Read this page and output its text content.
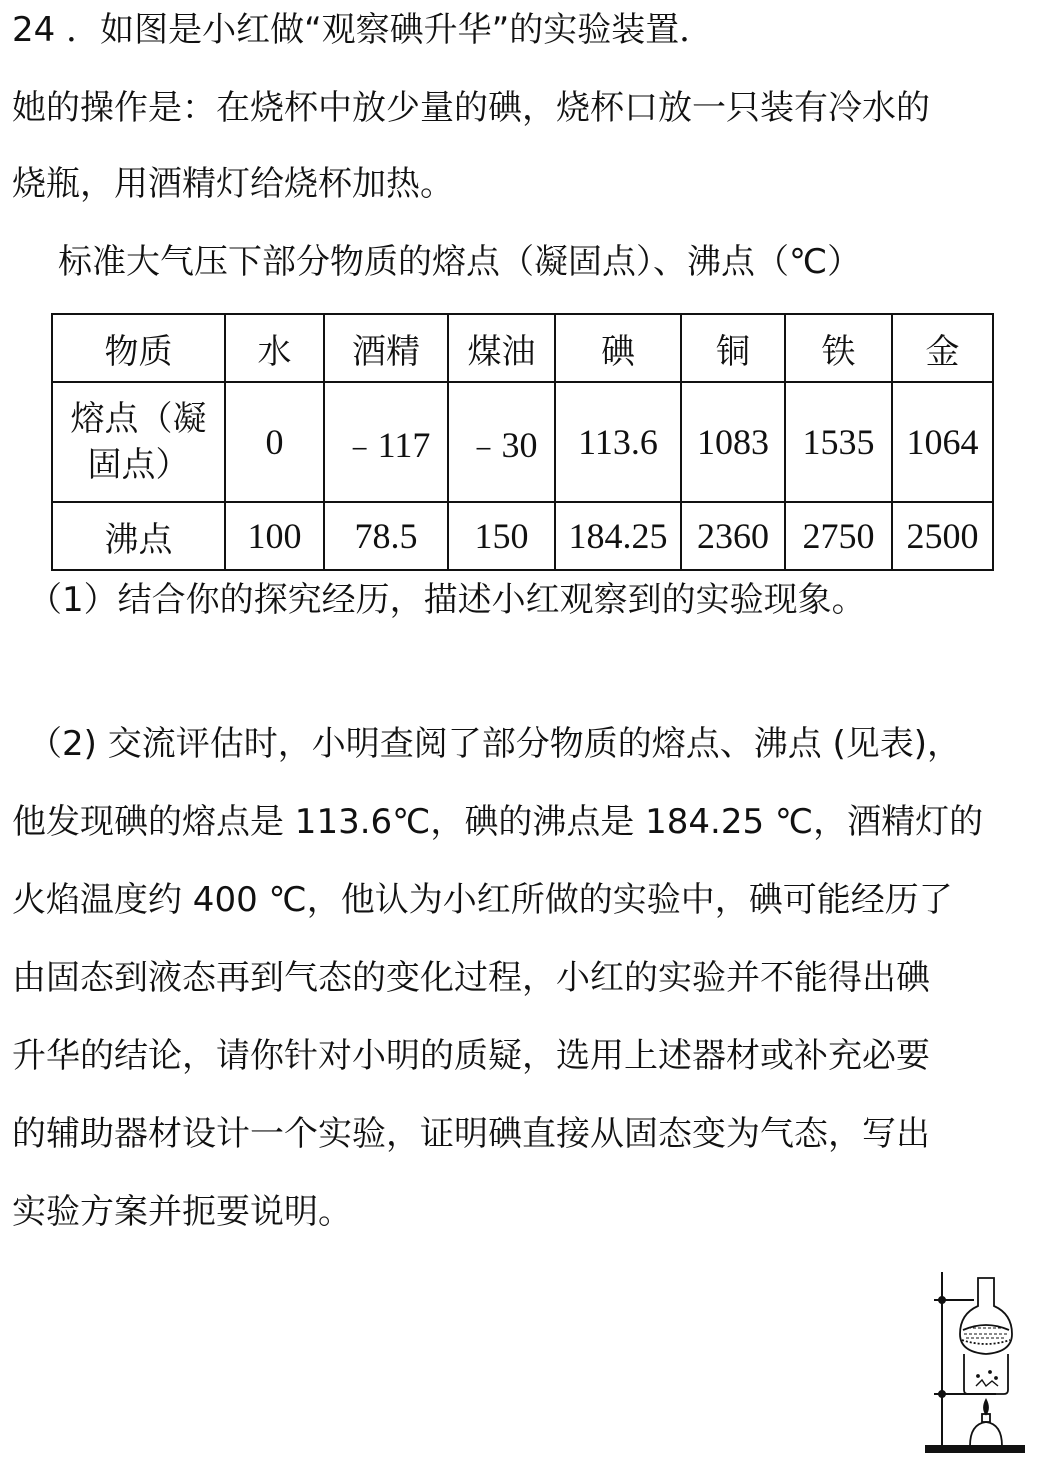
24 ．如图是小红做“观察碘升华”的实验装置．
她的操作是：在烧杯中放少量的碘，烧杯口放一只装有冷水的
烧瓶，用酒精灯给烧杯加热。
标准大气压下部分物质的熔点（凝固点）、沸点（℃）
物质	水	酒精	煤油	碘	铜	铁	金

熔点（凝
固点）	0	﹣117	﹣30	113.6	1083	1535	1064
沸点	100	78.5	150	184.25	2360	2750	2500
（1）结合你的探究经历，描述小红观察到的实验现象。
（2) 交流评估时，小明查阅了部分物质的熔点、沸点 (见表)，
他发现碘的熔点是 113.6℃，碘的沸点是 184.25 ℃，酒精灯的
火焰温度约 400 ℃，他认为小红所做的实验中，碘可能经历了
由固态到液态再到气态的变化过程，小红的实验并不能得出碘
升华的结论，请你针对小明的质疑，选用上述器材或补充必要
的辅助器材设计一个实验，证明碘直接从固态变为气态，写出
实验方案并扼要说明。
